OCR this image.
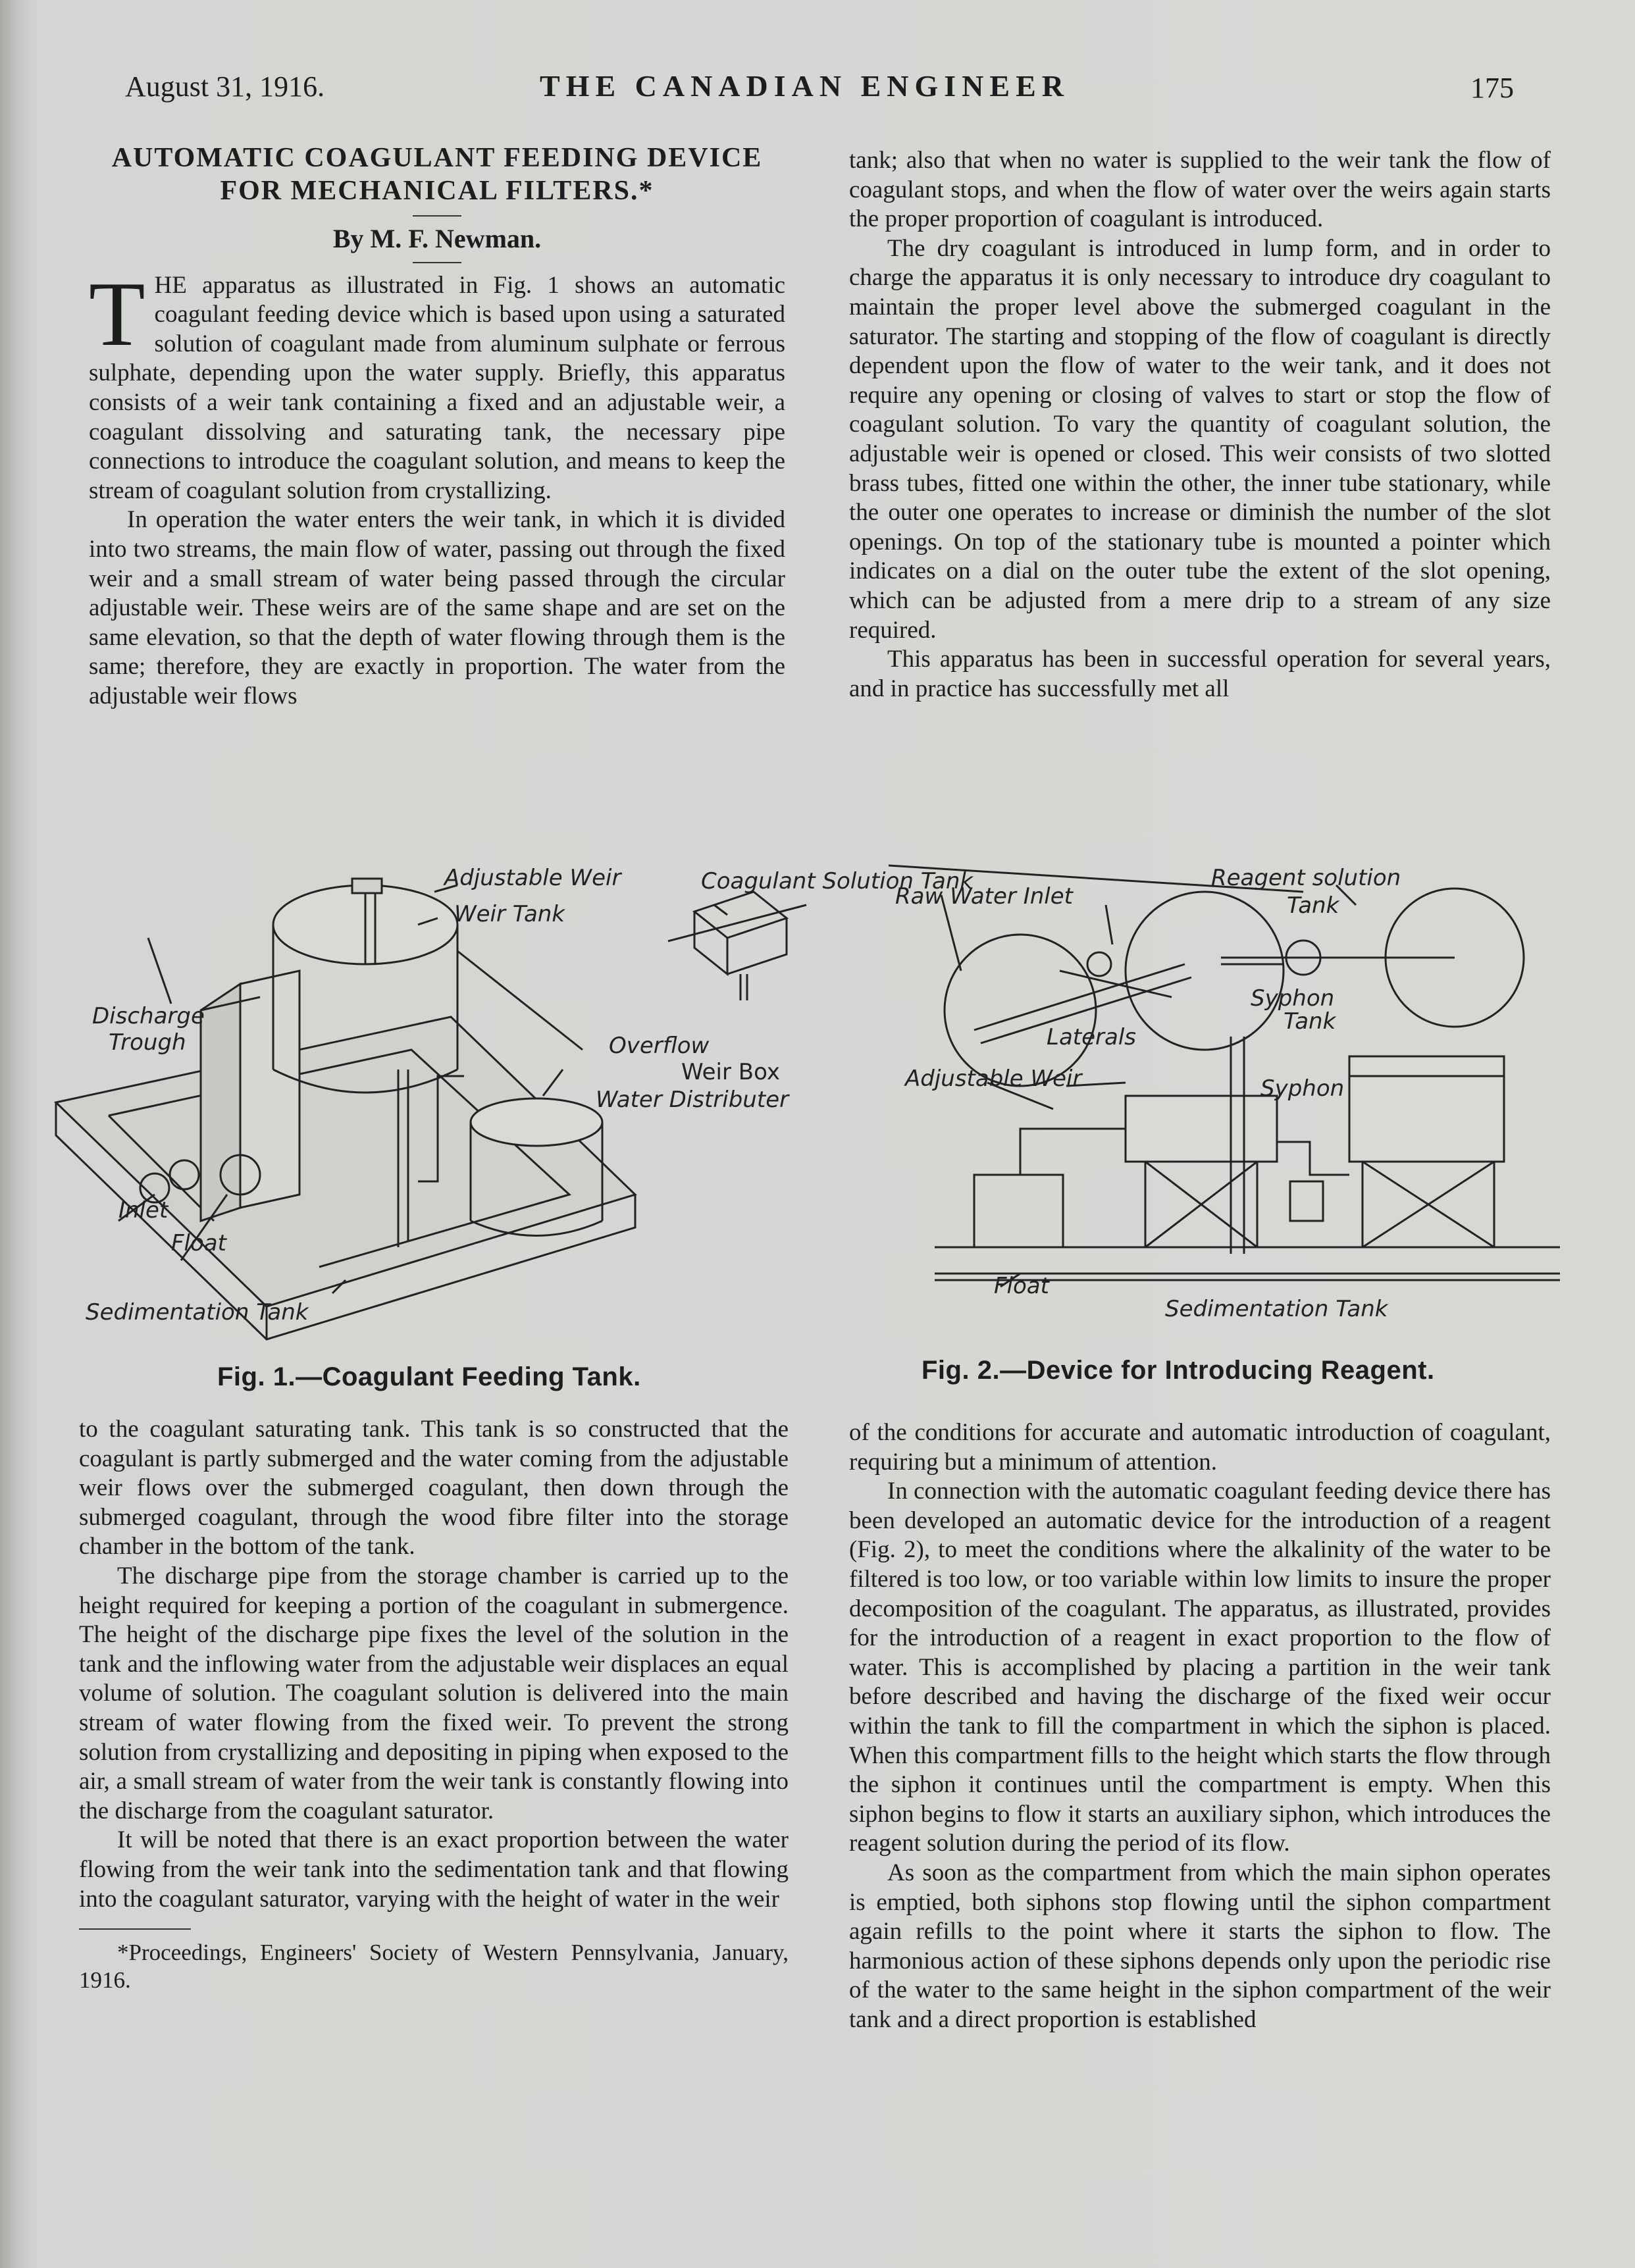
August 31, 1916.	THE CANADIAN ENGINEER	175

AUTOMATIC COAGULANT FEEDING DEVICE

FOR MECHANICAL FILTERS.*

By M. F. Newman.

THE apparatus as illustrated in Fig. 1 shows an automatic coagulant feeding device which is based upon using a saturated solution of coagulant made from aluminum sulphate or ferrous sulphate, depending upon the water supply. Briefly, this apparatus consists of a weir tank containing a fixed and an adjustable weir, a coagulant dissolving and saturating tank, the necessary pipe connections to introduce the coagulant solution, and means to keep the stream of coagulant solution from crystallizing.

In operation the water enters the weir tank, in which it is divided into two streams, the main flow of water, passing out through the fixed weir and a small stream of water being passed through the circular adjustable weir. These weirs are of the same shape and are set on the same elevation, so that the depth of water flowing through them is the same; therefore, they are exactly in proportion. The water from the adjustable weir flows

tank; also that when no water is supplied to the weir tank the flow of coagulant stops, and when the flow of water over the weirs again starts the proper proportion of coagulant is introduced.

The dry coagulant is introduced in lump form, and in order to charge the apparatus it is only necessary to introduce dry coagulant to maintain the proper level above the submerged coagulant in the saturator. The starting and stopping of the flow of coagulant is directly dependent upon the flow of water to the weir tank, and it does not require any opening or closing of valves to start or stop the flow of coagulant solution. To vary the quantity of coagulant solution, the adjustable weir is opened or closed. This weir consists of two slotted brass tubes, fitted one within the other, the inner tube stationary, while the outer one operates to increase or diminish the number of the slot openings. On top of the stationary tube is mounted a pointer which indicates on a dial on the outer tube the extent of the slot opening, which can be adjusted from a mere drip to a stream of any size required.

This apparatus has been in successful operation for several years, and in practice has successfully met all

Adjustable Weir
Weir Tank
Discharge
Trough	Overflow
Weir Box
Water Distributer
Coagulant Solution Tank
Inlet
Float
Sedimentation Tank
Fig. 1.—Coagulant Feeding Tank.
Raw Water Inlet
Reagent solution
Tank
Syphon
Tank
Laterals
Adjustable Weir	Syphon
Float
Sedimentation Tank
Fig. 2.—Device for Introducing Reagent.

to the coagulant saturating tank. This tank is so constructed that the coagulant is partly submerged and the water coming from the adjustable weir flows over the submerged coagulant, then down through the submerged coagulant, through the wood fibre filter into the storage chamber in the bottom of the tank.

The discharge pipe from the storage chamber is carried up to the height required for keeping a portion of the coagulant in submergence. The height of the discharge pipe fixes the level of the solution in the tank and the inflowing water from the adjustable weir displaces an equal volume of solution. The coagulant solution is delivered into the main stream of water flowing from the fixed weir. To prevent the strong solution from crystallizing and depositing in piping when exposed to the air, a small stream of water from the weir tank is constantly flowing into the discharge from the coagulant saturator.

It will be noted that there is an exact proportion between the water flowing from the weir tank into the sedimentation tank and that flowing into the coagulant saturator, varying with the height of water in the weir

*Proceedings, Engineers' Society of Western Pennsylvania, January, 1916.

of the conditions for accurate and automatic introduction of coagulant, requiring but a minimum of attention.

In connection with the automatic coagulant feeding device there has been developed an automatic device for the introduction of a reagent (Fig. 2), to meet the conditions where the alkalinity of the water to be filtered is too low, or too variable within low limits to insure the proper decomposition of the coagulant. The apparatus, as illustrated, provides for the introduction of a reagent in exact proportion to the flow of water. This is accomplished by placing a partition in the weir tank before described and having the discharge of the fixed weir occur within the tank to fill the compartment in which the siphon is placed. When this compartment fills to the height which starts the flow through the siphon it continues until the compartment is empty. When this siphon begins to flow it starts an auxiliary siphon, which introduces the reagent solution during the period of its flow.

As soon as the compartment from which the main siphon operates is emptied, both siphons stop flowing until the siphon compartment again refills to the point where it starts the siphon to flow. The harmonious action of these siphons depends only upon the periodic rise of the water to the same height in the siphon compartment of the weir tank and a direct proportion is established
